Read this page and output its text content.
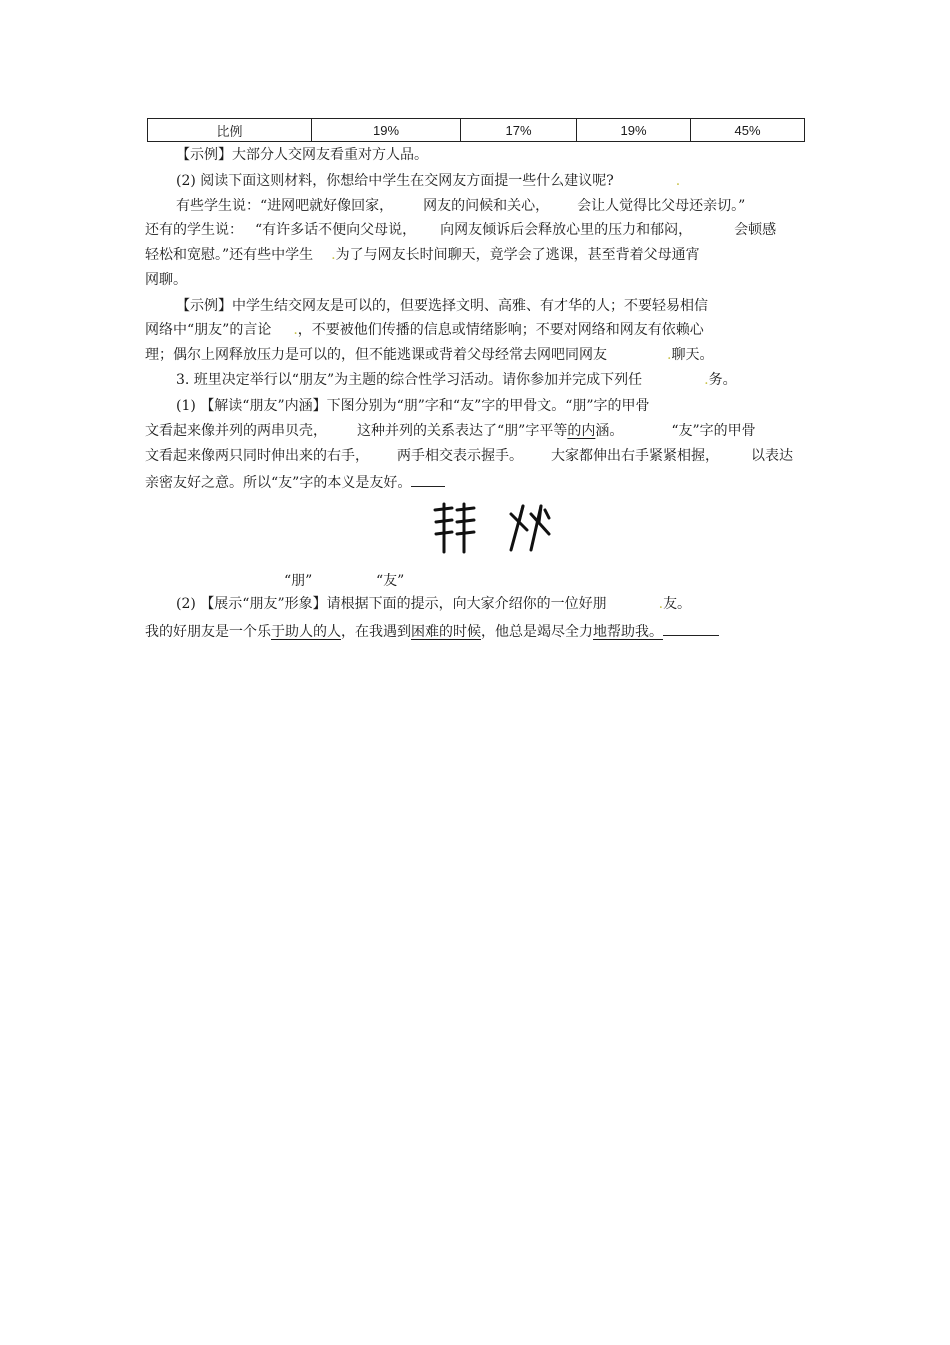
比例	19%	17%	19%	45%
【示例】大部分人交网友看重对方人品。
(2) 阅读下面这则材料，你想给中学生在交网友方面提一些什么建议呢?	.
有些学生说：“进网吧就好像回家， 网友的问候和关心， 会让人觉得比父母还亲切。”
还有的学生说： “有许多话不便向父母说， 向网友倾诉后会释放心里的压力和郁闷，	会顿感
轻松和宽慰。”还有些中学生 .为了与网友长时间聊天，竟学会了逃课，甚至背着父母通宵
网聊。
【示例】中学生结交网友是可以的，但要选择文明、高雅、有才华的人；不要轻易相信
网络中“朋友”的言论 .，不要被他们传播的信息或情绪影响；不要对网络和网友有依赖心
理；偶尔上网释放压力是可以的，但不能逃课或背着父母经常去网吧同网友	.聊天。
3. 班里决定举行以“朋友”为主题的综合性学习活动。请你参加并完成下列任	.务。
(1) 【解读“朋友”内涵】下图分别为“朋”字和“友”字的甲骨文。“朋”字的甲骨
文看起来像并列的两串贝壳， 这种并列的关系表达了“朋”字平等的内涵。	“友”字的甲骨
文看起来像两只同时伸出来的右手， 两手相交表示握手。 大家都伸出右手紧紧相握， 以表达
亲密友好之意。所以“友”字的本义是友好。
“朋”	“友”
(2) 【展示“朋友”形象】请根据下面的提示，向大家介绍你的一位好朋	.友。
我的好朋友是一个乐于助人的人，在我遇到困难的时候，他总是竭尽全力地帮助我。
